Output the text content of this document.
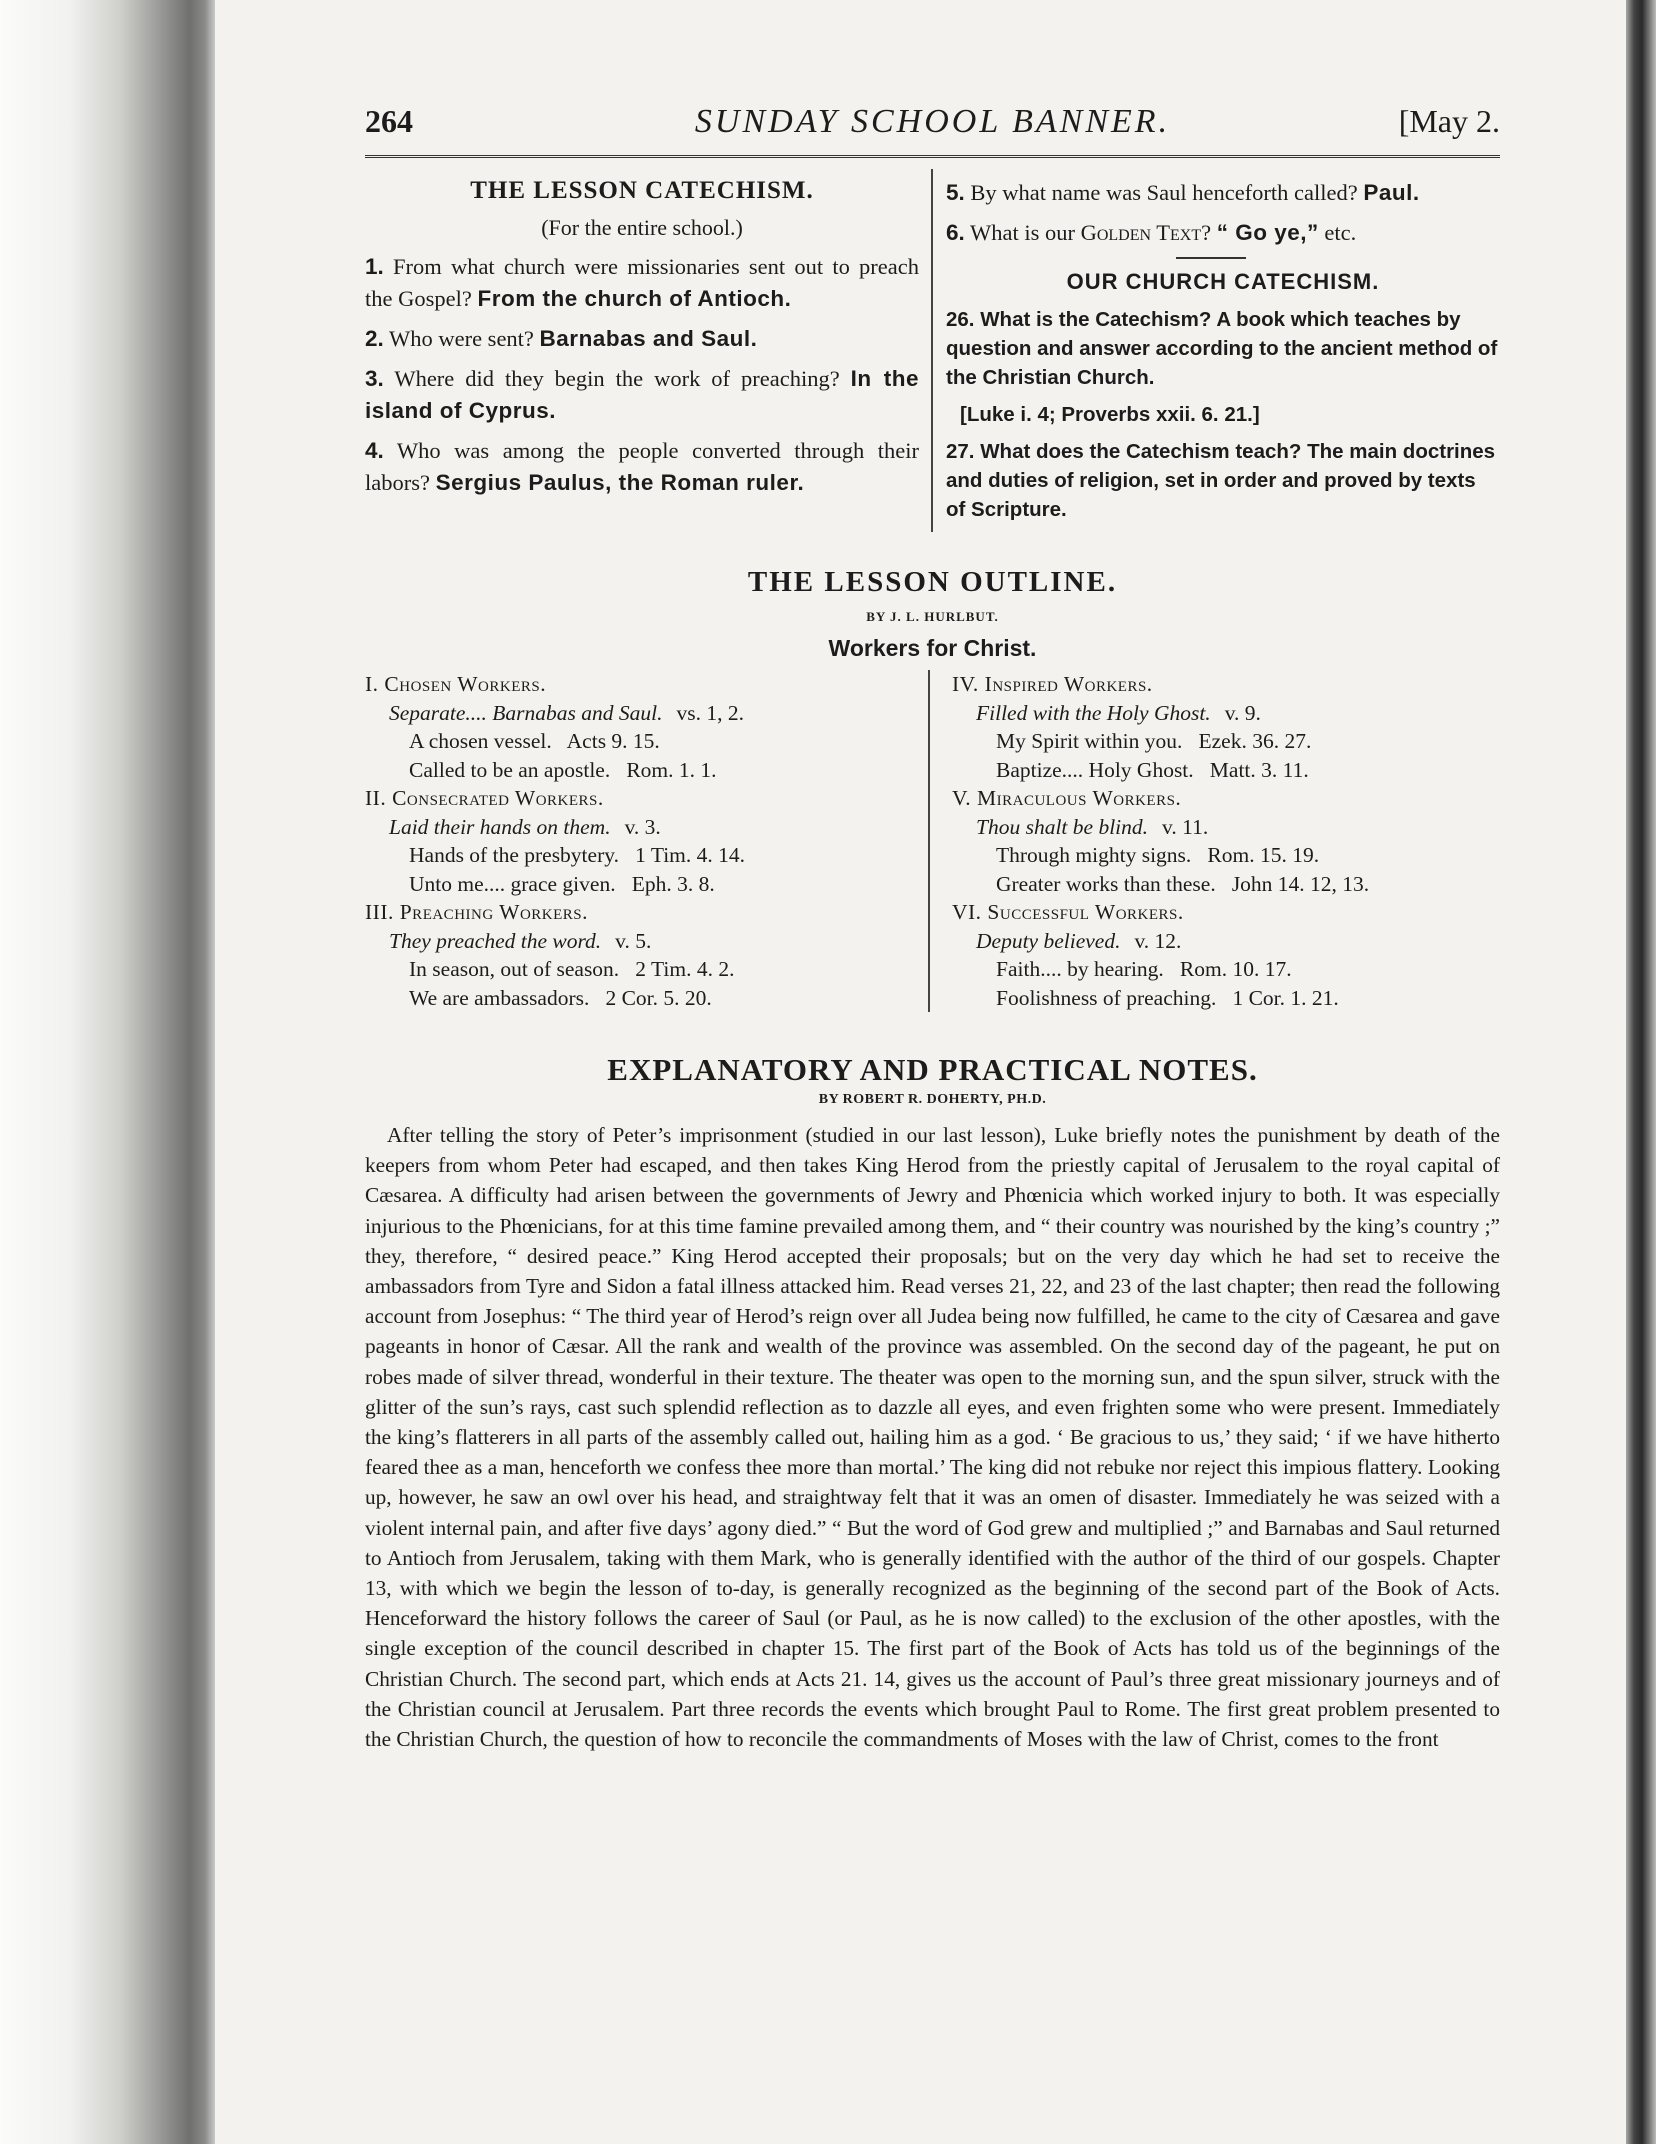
264	SUNDAY SCHOOL BANNER.	[May 2.
THE LESSON CATECHISM.
(For the entire school.)

1. From what church were missionaries sent out to preach the Gospel? From the church of Antioch.

2. Who were sent? Barnabas and Saul.

3. Where did they begin the work of preaching? In the island of Cyprus.

4. Who was among the people converted through their labors? Sergius Paulus, the Roman ruler.

5. By what name was Saul henceforth called? Paul.

6. What is our Golden Text? “ Go ye,” etc.

OUR CHURCH CATECHISM.

26. What is the Catechism? A book which teaches by question and answer according to the ancient method of the Christian Church.

[Luke i. 4; Proverbs xxii. 6. 21.]

27. What does the Catechism teach? The main doctrines and duties of religion, set in order and proved by texts of Scripture.

THE LESSON OUTLINE.
BY J. L. HURLBUT.
Workers for Christ.
I. Chosen Workers.
Separate.... Barnabas and Saul. vs. 1, 2.
A chosen vessel.   Acts 9. 15.
Called to be an apostle.   Rom. 1. 1.
II. Consecrated Workers.
Laid their hands on them. v. 3.
Hands of the presbytery.   1 Tim. 4. 14.
Unto me.... grace given.   Eph. 3. 8.
III. Preaching Workers.
They preached the word. v. 5.
In season, out of season.   2 Tim. 4. 2.
We are ambassadors.   2 Cor. 5. 20.
IV. Inspired Workers.
Filled with the Holy Ghost. v. 9.
My Spirit within you.   Ezek. 36. 27.
Baptize.... Holy Ghost.   Matt. 3. 11.
V. Miraculous Workers.
Thou shalt be blind. v. 11.
Through mighty signs.   Rom. 15. 19.
Greater works than these.   John 14. 12, 13.
VI. Successful Workers.
Deputy believed. v. 12.
Faith.... by hearing.   Rom. 10. 17.
Foolishness of preaching.   1 Cor. 1. 21.
EXPLANATORY AND PRACTICAL NOTES.
BY ROBERT R. DOHERTY, PH.D.

After telling the story of Peter’s imprisonment (studied in our last lesson), Luke briefly notes the punishment by death of the keepers from whom Peter had escaped, and then takes King Herod from the priestly capital of Jerusalem to the royal capital of Cæsarea. A difficulty had arisen between the governments of Jewry and Phœnicia which worked injury to both. It was especially injurious to the Phœnicians, for at this time famine prevailed among them, and “ their country was nourished by the king’s country ;” they, therefore, “ desired peace.” King Herod accepted their proposals; but on the very day which he had set to receive the ambassadors from Tyre and Sidon a fatal illness attacked him. Read verses 21, 22, and 23 of the last chapter; then read the following account from Josephus: “ The third year of Herod’s reign over all Judea being now fulfilled, he came to the city of Cæsarea and gave pageants in honor of Cæsar. All the rank and wealth of the province was assembled. On the second day of the pageant, he put on robes made of silver thread, wonderful in their texture. The theater was open to the morning sun, and the spun silver, struck with the glitter of the sun’s rays, cast such splendid reflection as to dazzle all eyes, and even frighten some who were present. Immediately the king’s flatterers in all parts of the assembly called out, hailing him as a god. ‘ Be gracious to us,’ they said; ‘ if we have hitherto feared thee as a man, henceforth we confess thee more than mortal.’ The king did not rebuke nor reject this impious flattery. Looking up, however, he saw an owl over his head, and straightway felt that it was an omen of disaster. Immediately he was seized with a violent internal pain, and after five days’ agony died.” “ But the word of God grew and multiplied ;” and Barnabas and Saul returned to Antioch from Jerusalem, taking with them Mark, who is generally identified with the author of the third of our gospels. Chapter 13, with which we begin the lesson of to-day, is generally recognized as the beginning of the second part of the Book of Acts. Henceforward the history follows the career of Saul (or Paul, as he is now called) to the exclusion of the other apostles, with the single exception of the council described in chapter 15. The first part of the Book of Acts has told us of the beginnings of the Christian Church. The second part, which ends at Acts 21. 14, gives us the account of Paul’s three great missionary journeys and of the Christian council at Jerusalem. Part three records the events which brought Paul to Rome. The first great problem presented to the Christian Church, the question of how to reconcile the commandments of Moses with the law of Christ, comes to the front
